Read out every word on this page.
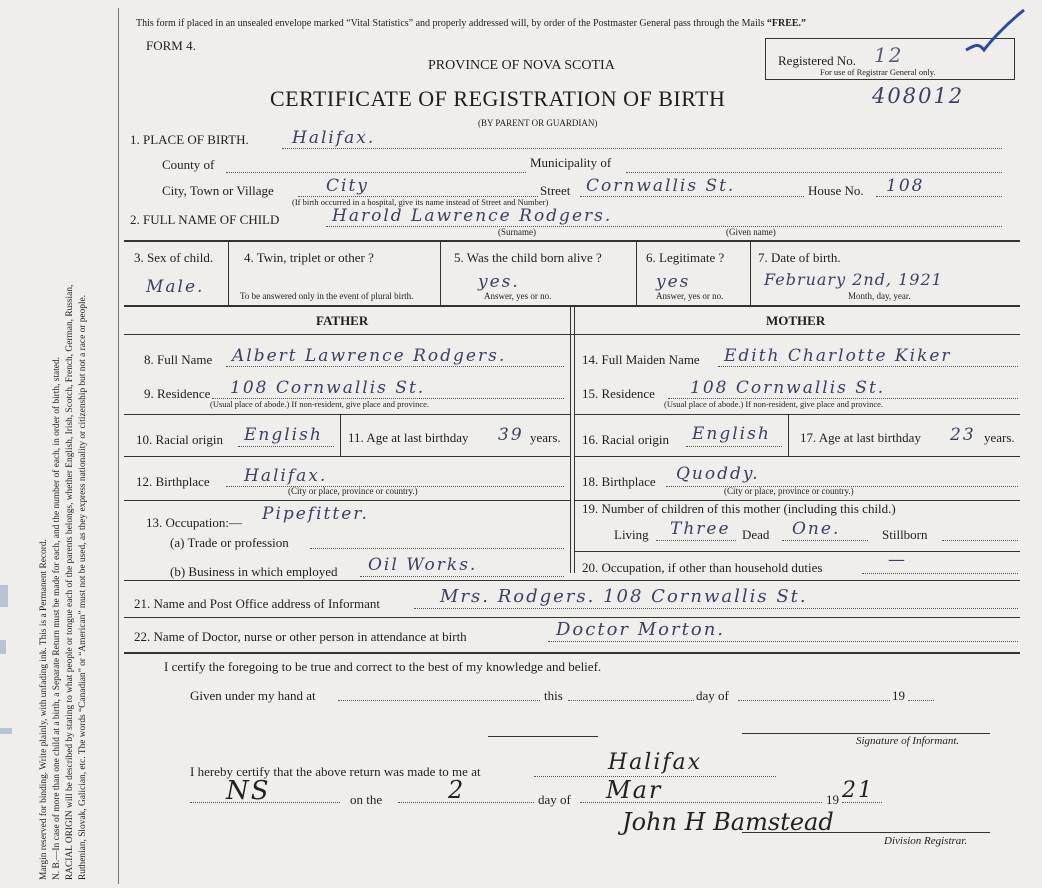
Margin reserved for binding. Write plainly, with unfading ink. This is a Permanent Record. N. B.—In case of more than one child at a birth, a Separate Return must be made for each, and the number of each, in order of birth, stated. RACIAL ORIGIN will be described by stating to what people or tongue each of the parents belongs, whether English, Irish, Scotch, French, German, Russian, Ruthenian, Slovak, Galician, etc. The words “Canadian” or “American” must not be used, as they express nationality or citizenship but not a race or people.
This form if placed in an unsealed envelope marked “Vital Statistics” and properly addressed will, by order of the Postmaster General pass through the Mails “FREE.”
FORM 4.
PROVINCE OF NOVA SCOTIA	Registered No. 12
For use of Registrar General only.
CERTIFICATE OF REGISTRATION OF BIRTH	408012
(BY PARENT OR GUARDIAN)
1. PLACE OF BIRTH.	Halifax.
County of	Municipality of
City, Town or Village	City
(If birth occurred in a hospital, give its name instead of Street and Number)
Street Cornwallis St.	House No. 108
2. FULL NAME OF CHILD	Harold Lawrence Rodgers.
(Surname)	(Given name)
3. Sex of child.
Male.
4. Twin, triplet or other ?
To be answered only in the event of plural birth.
5. Was the child born alive ?
yes.
Answer, yes or no.
6. Legitimate ?
yes
Answer, yes or no.
7. Date of birth.
February 2nd, 1921
Month, day, year.
FATHER	MOTHER
8. Full Name Albert Lawrence Rodgers.
9. Residence 108 Cornwallis St.
(Usual place of abode.) If non-resident, give place and province.
10. Racial origin English 11. Age at last birthday 39 years.
12. Birthplace Halifax.
(City or place, province or country.)
13. Occupation:— Pipefitter.
(a) Trade or profession
(b) Business in which employed Oil Works.
14. Full Maiden Name Edith Charlotte Kiker
15. Residence 108 Cornwallis St.
(Usual place of abode.) If non-resident, give place and province.
16. Racial origin English 17. Age at last birthday 23 years.
18. Birthplace Quoddy.
(City or place, province or country.)
19. Number of children of this mother (including this child.)
Living Three Dead One.	Stillborn
20. Occupation, if other than household duties	—
21. Name and Post Office address of Informant	Mrs. Rodgers. 108 Cornwallis St.
22. Name of Doctor, nurse or other person in attendance at birth	Doctor Morton.
I certify the foregoing to be true and correct to the best of my knowledge and belief.
Given under my hand at	this	day of	19
Signature of Informant.
I hereby certify that the above return was made to me at	Halifax
NS	on the	2	day of Mar	19 21
John H Bamstead
Division Registrar.
